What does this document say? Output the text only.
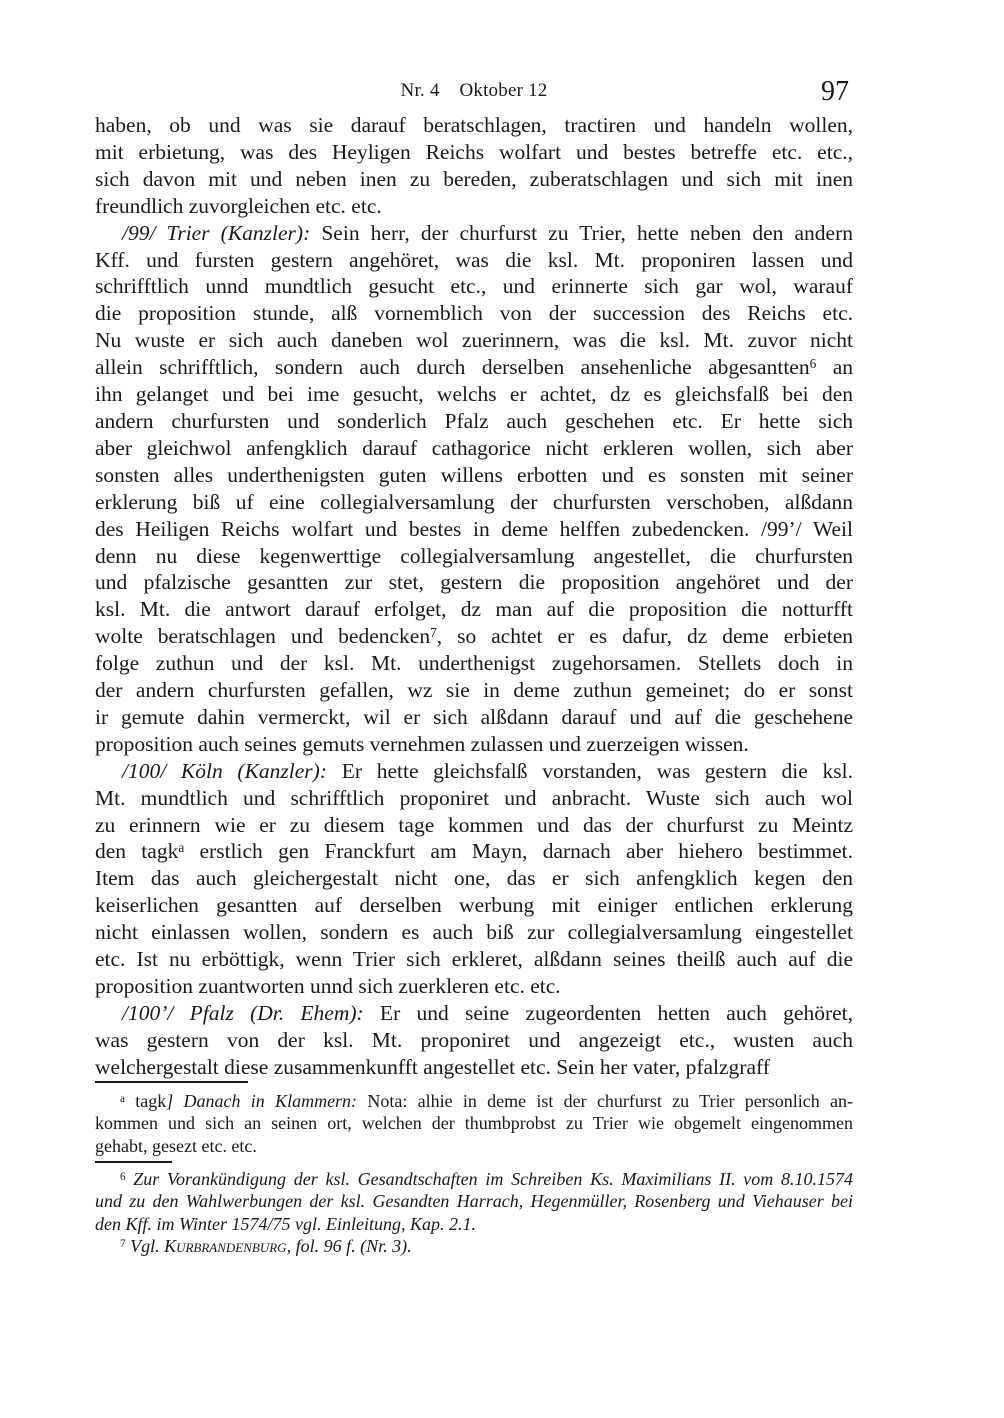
Nr. 4 Oktober 12	97
haben, ob und was sie darauf beratschlagen, tractiren und handeln wollen,
mit erbietung, was des Heyligen Reichs wolfart und bestes betreffe etc. etc.,
sich davon mit und neben inen zu bereden, zuberatschlagen und sich mit inen
freundlich zuvorgleichen etc. etc.
/99/ Trier (Kanzler): Sein herr, der churfurst zu Trier, hette neben den andern
Kff. und fursten gestern angehöret, was die ksl. Mt. proponiren lassen und
schrifftlich unnd mundtlich gesucht etc., und erinnerte sich gar wol, warauf
die proposition stunde, alß vornemblich von der succession des Reichs etc.
Nu wuste er sich auch daneben wol zuerinnern, was die ksl. Mt. zuvor nicht
allein schrifftlich, sondern auch durch derselben ansehenliche abgesantten$^6$ an
ihn gelanget und bei ime gesucht, welchs er achtet, dz es gleichsfalß bei den
andern churfursten und sonderlich Pfalz auch geschehen etc. Er hette sich
aber gleichwol anfengklich darauf cathagorice nicht erkleren wollen, sich aber
sonsten alles underthenigsten guten willens erbotten und es sonsten mit seiner
erklerung biß uf eine collegialversamlung der churfursten verschoben, alßdann
des Heiligen Reichs wolfart und bestes in deme helffen zubedencken. /99’/ Weil
denn nu diese kegenwerttige collegialversamlung angestellet, die churfursten
und pfalzische gesantten zur stet, gestern die proposition angehöret und der
ksl. Mt. die antwort darauf erfolget, dz man auf die proposition die notturfft
wolte beratschlagen und bedencken$^7$, so achtet er es dafur, dz deme erbieten
folge zuthun und der ksl. Mt. underthenigst zugehorsamen. Stellets doch in
der andern churfursten gefallen, wz sie in deme zuthun gemeinet; do er sonst
ir gemute dahin vermerckt, wil er sich alßdann darauf und auf die geschehene
proposition auch seines gemuts vernehmen zulassen und zuerzeigen wissen.
/100/ Köln (Kanzler): Er hette gleichsfalß vorstanden, was gestern die ksl.
Mt. mundtlich und schrifftlich proponiret und anbracht. Wuste sich auch wol
zu erinnern wie er zu diesem tage kommen und das der churfurst zu Meintz
den tagk$^a$ erstlich gen Franckfurt am Mayn, darnach aber hiehero bestimmet.
Item das auch gleichergestalt nicht one, das er sich anfengklich kegen den
keiserlichen gesantten auf derselben werbung mit einiger entlichen erklerung
nicht einlassen wollen, sondern es auch biß zur collegialversamlung eingestellet
etc. Ist nu erböttigk, wenn Trier sich erkleret, alßdann seines theilß auch auf die
proposition zuantworten unnd sich zuerkleren etc. etc.
/100’/ Pfalz (Dr. Ehem): Er und seine zugeordenten hetten auch gehöret,
was gestern von der ksl. Mt. proponiret und angezeigt etc., wusten auch
welchergestalt diese zusammenkunfft angestellet etc. Sein her vater, pfalzgraff
$^a$ tagk] Danach in Klammern: Nota: alhie in deme ist der churfurst zu Trier personlich an-
kommen und sich an seinen ort, welchen der thumbprobst zu Trier wie obgemelt eingenommen
gehabt, gesezt etc. etc.
$^6$ Zur Vorankündigung der ksl. Gesandtschaften im Schreiben Ks. Maximilians II. vom 8.10.1574
und zu den Wahlwerbungen der ksl. Gesandten Harrach, Hegenmüller, Rosenberg und Viehauser bei
den Kff. im Winter 1574/75 vgl. Einleitung, Kap. 2.1.
$^7$ Vgl. Kurbrandenburg, fol. 96 f. (Nr. 3).
